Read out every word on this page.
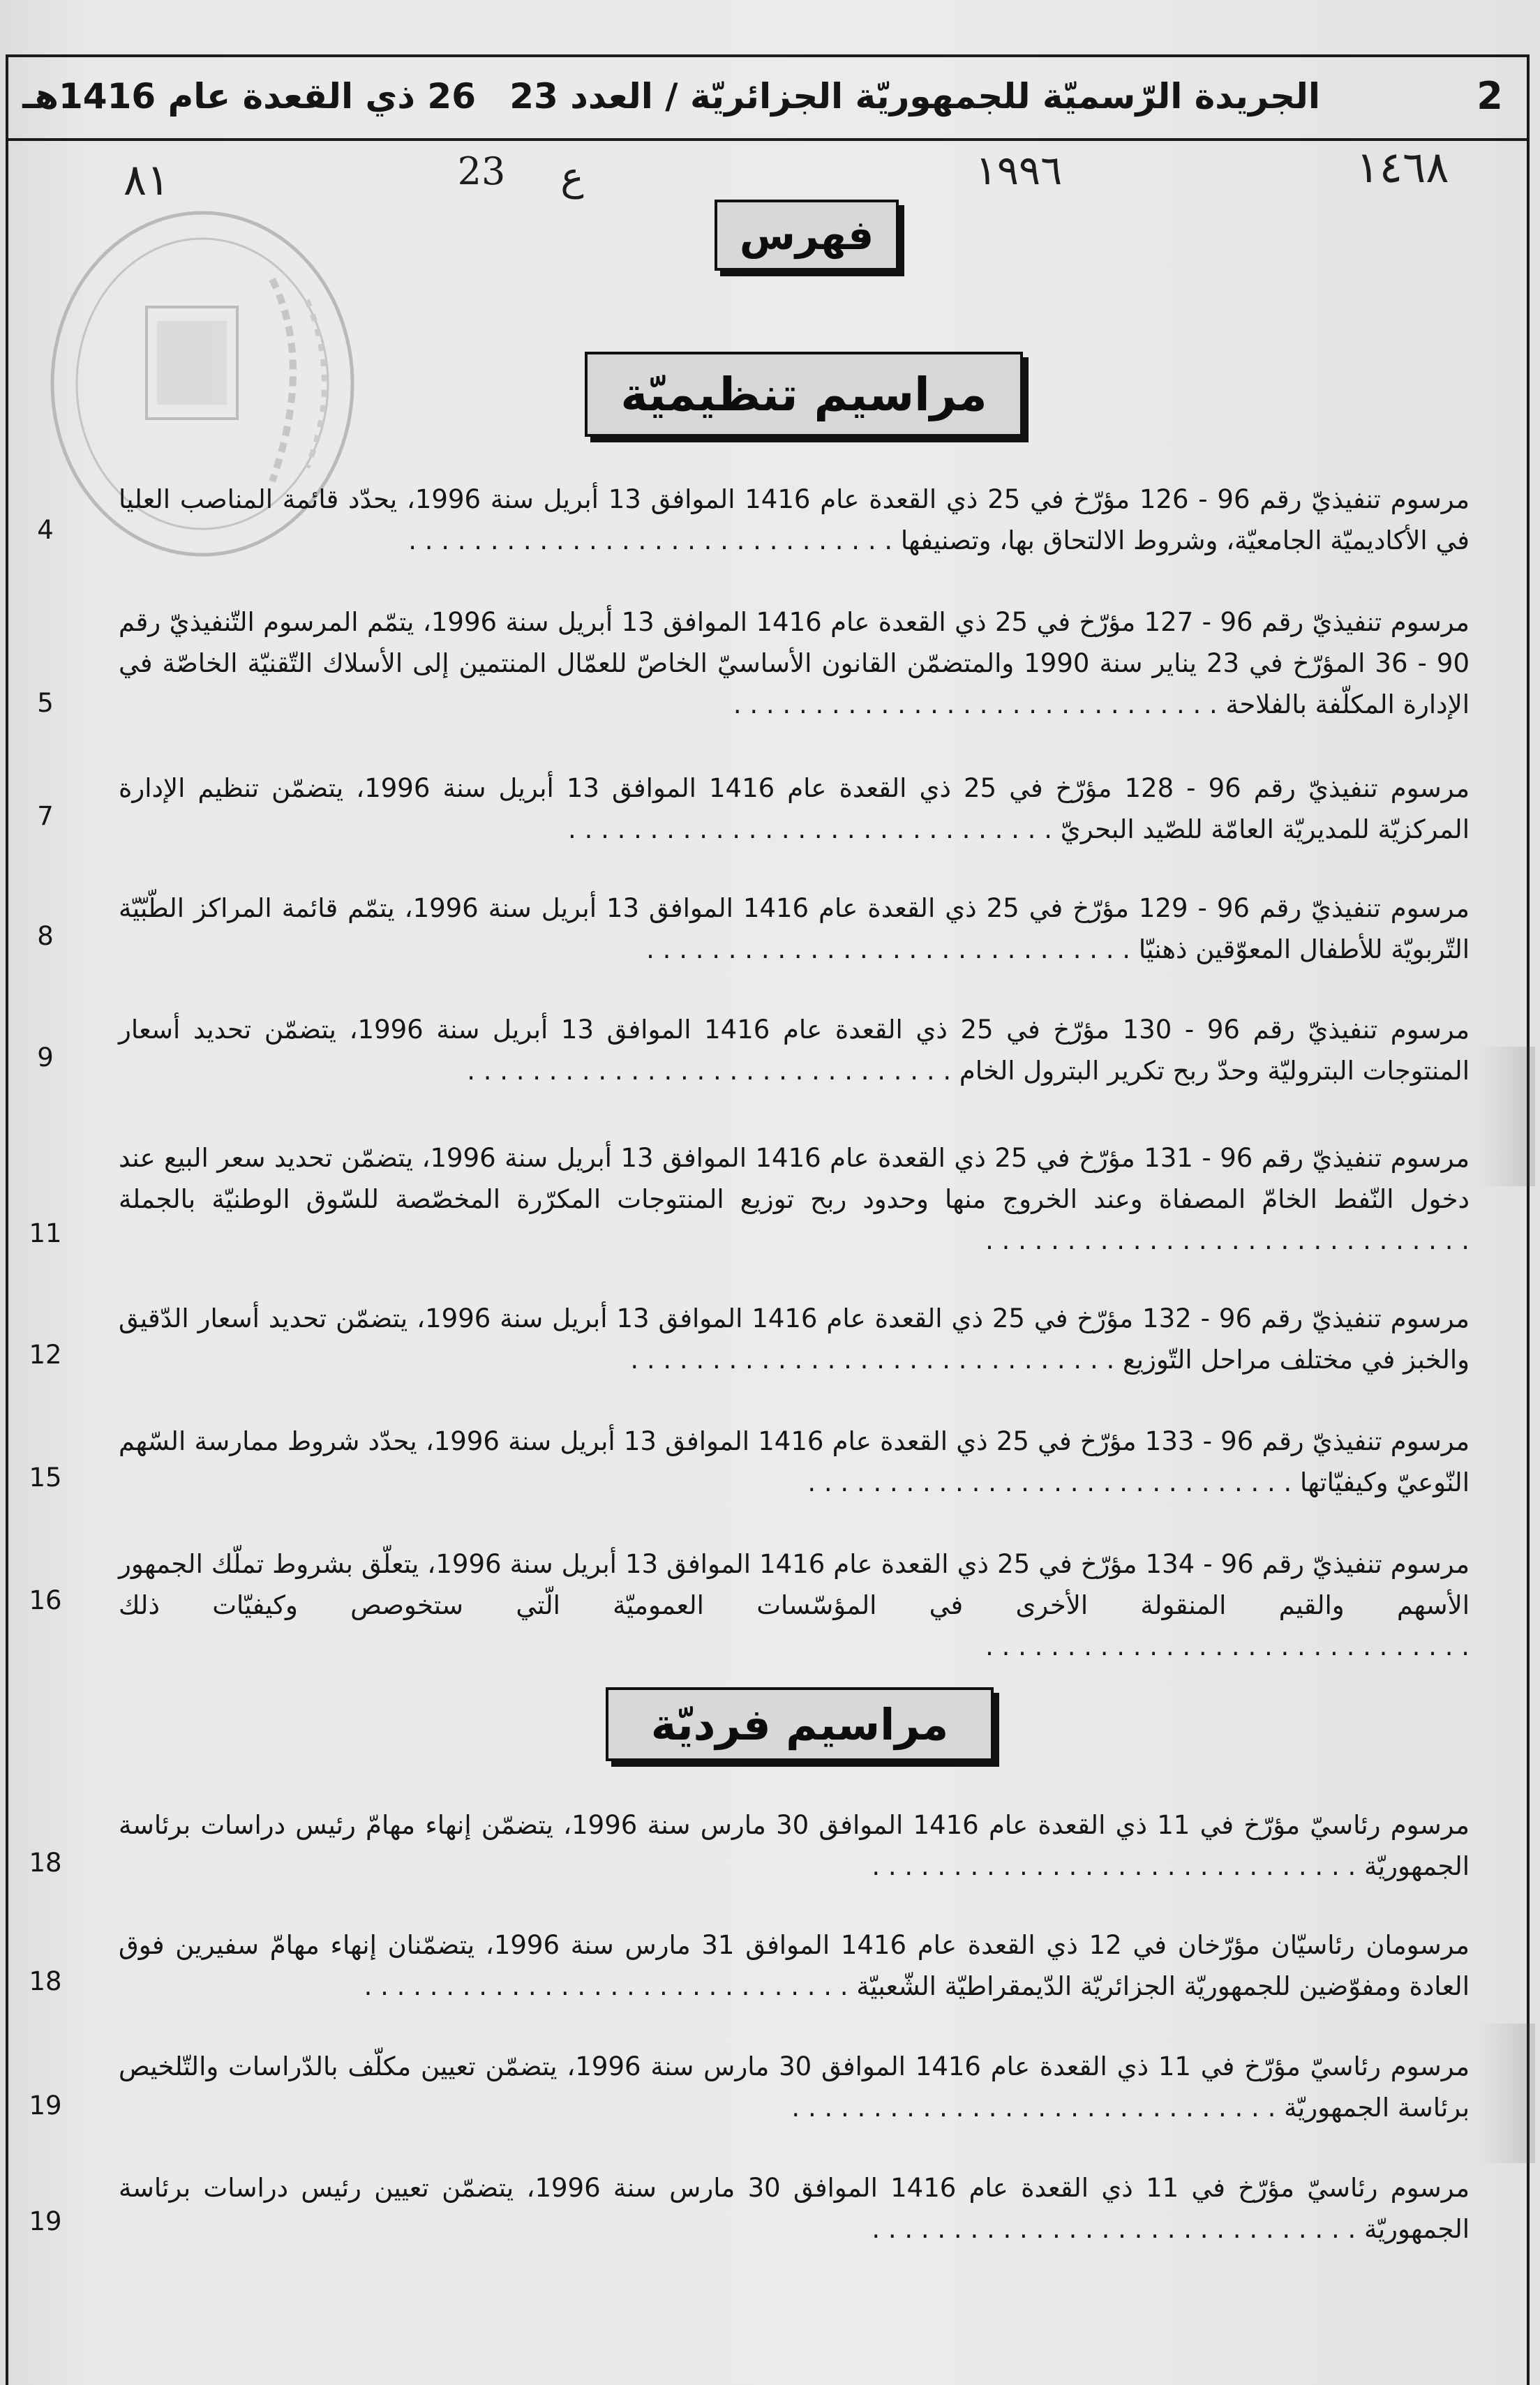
2
الجريدة الرّسميّة للجمهوريّة الجزائريّة / العدد 23
26 ذي القعدة عام 1416هـ
١٤٦٨
١٩٩٦
ع
23
٨١
فهرس
مراسيم تنظيميّة
مرسوم تنفيذيّ رقم 96 - 126 مؤرّخ في 25 ذي القعدة عام 1416 الموافق 13 أبريل سنة 1996، يحدّد قائمة المناصب العليا في الأكاديميّة الجامعيّة، وشروط الالتحاق بها، وتصنيفها . . . . . . . . . . . . . . . . . . . . . . . . . . . . . .
4
مرسوم تنفيذيّ رقم 96 - 127 مؤرّخ في 25 ذي القعدة عام 1416 الموافق 13 أبريل سنة 1996، يتمّم المرسوم التّنفيذيّ رقم 90 - 36 المؤرّخ في 23 يناير سنة 1990 والمتضمّن القانون الأساسيّ الخاصّ للعمّال المنتمين إلى الأسلاك التّقنيّة الخاصّة في الإدارة المكلّفة بالفلاحة . . . . . . . . . . . . . . . . . . . . . . . . . . . . . .
5
مرسوم تنفيذيّ رقم 96 - 128 مؤرّخ في 25 ذي القعدة عام 1416 الموافق 13 أبريل سنة 1996، يتضمّن تنظيم الإدارة المركزيّة للمديريّة العامّة للصّيد البحريّ . . . . . . . . . . . . . . . . . . . . . . . . . . . . . .
7
مرسوم تنفيذيّ رقم 96 - 129 مؤرّخ في 25 ذي القعدة عام 1416 الموافق 13 أبريل سنة 1996، يتمّم قائمة المراكز الطّبّيّة التّربويّة للأطفال المعوّقين ذهنيّا . . . . . . . . . . . . . . . . . . . . . . . . . . . . . .
8
مرسوم تنفيذيّ رقم 96 - 130 مؤرّخ في 25 ذي القعدة عام 1416 الموافق 13 أبريل سنة 1996، يتضمّن تحديد أسعار المنتوجات البتروليّة وحدّ ربح تكرير البترول الخام . . . . . . . . . . . . . . . . . . . . . . . . . . . . . .
9
مرسوم تنفيذيّ رقم 96 - 131 مؤرّخ في 25 ذي القعدة عام 1416 الموافق 13 أبريل سنة 1996، يتضمّن تحديد سعر البيع عند دخول النّفط الخامّ المصفاة وعند الخروج منها وحدود ربح توزيع المنتوجات المكرّرة المخصّصة للسّوق الوطنيّة بالجملة . . . . . . . . . . . . . . . . . . . . . . . . . . . . . .
11
مرسوم تنفيذيّ رقم 96 - 132 مؤرّخ في 25 ذي القعدة عام 1416 الموافق 13 أبريل سنة 1996، يتضمّن تحديد أسعار الدّقيق والخبز في مختلف مراحل التّوزيع . . . . . . . . . . . . . . . . . . . . . . . . . . . . . .
12
مرسوم تنفيذيّ رقم 96 - 133 مؤرّخ في 25 ذي القعدة عام 1416 الموافق 13 أبريل سنة 1996، يحدّد شروط ممارسة السّهم النّوعيّ وكيفيّاتها . . . . . . . . . . . . . . . . . . . . . . . . . . . . . .
15
مرسوم تنفيذيّ رقم 96 - 134 مؤرّخ في 25 ذي القعدة عام 1416 الموافق 13 أبريل سنة 1996، يتعلّق بشروط تملّك الجمهور الأسهم والقيم المنقولة الأخرى في المؤسّسات العموميّة الّتي ستخوصص وكيفيّات ذلك . . . . . . . . . . . . . . . . . . . . . . . . . . . . . .
16
مراسيم فرديّة
مرسوم رئاسيّ مؤرّخ في 11 ذي القعدة عام 1416 الموافق 30 مارس سنة 1996، يتضمّن إنهاء مهامّ رئيس دراسات برئاسة الجمهوريّة . . . . . . . . . . . . . . . . . . . . . . . . . . . . . .
18
مرسومان رئاسيّان مؤرّخان في 12 ذي القعدة عام 1416 الموافق 31 مارس سنة 1996، يتضمّنان إنهاء مهامّ سفيرين فوق العادة ومفوّضين للجمهوريّة الجزائريّة الدّيمقراطيّة الشّعبيّة . . . . . . . . . . . . . . . . . . . . . . . . . . . . . .
18
مرسوم رئاسيّ مؤرّخ في 11 ذي القعدة عام 1416 الموافق 30 مارس سنة 1996، يتضمّن تعيين مكلّف بالدّراسات والتّلخيص برئاسة الجمهوريّة . . . . . . . . . . . . . . . . . . . . . . . . . . . . . .
19
مرسوم رئاسيّ مؤرّخ في 11 ذي القعدة عام 1416 الموافق 30 مارس سنة 1996، يتضمّن تعيين رئيس دراسات برئاسة الجمهوريّة . . . . . . . . . . . . . . . . . . . . . . . . . . . . . .
19
